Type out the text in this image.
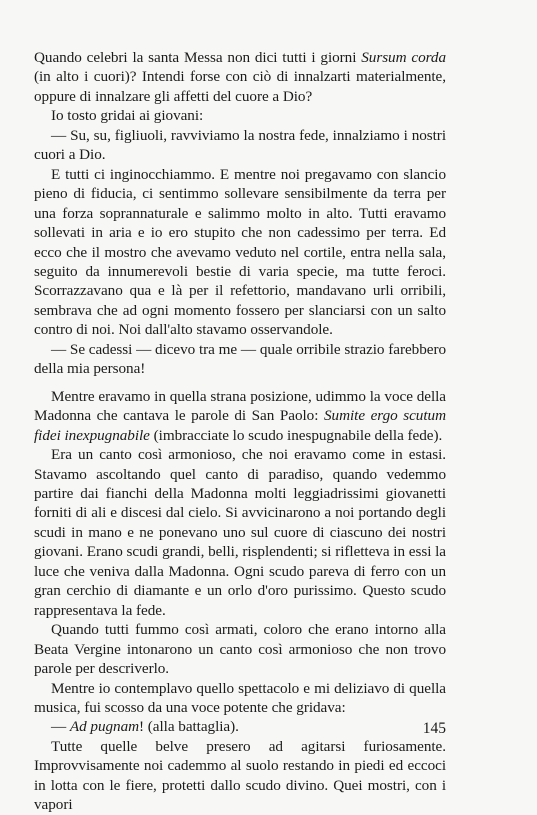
Quando celebri la santa Messa non dici tutti i giorni Sursum corda (in alto i cuori)? Intendi forse con ciò di innalzarti materialmente, oppure di innalzare gli affetti del cuore a Dio?

Io tosto gridai ai giovani:

— Su, su, figliuoli, ravviviamo la nostra fede, innalziamo i nostri cuori a Dio.

E tutti ci inginocchiammo. E mentre noi pregavamo con slancio pieno di fiducia, ci sentimmo sollevare sensibilmente da terra per una forza soprannaturale e salimmo molto in alto. Tutti eravamo sollevati in aria e io ero stupito che non cadessimo per terra. Ed ecco che il mostro che avevamo veduto nel cortile, entra nella sala, seguito da innumerevoli bestie di varia specie, ma tutte feroci. Scorrazzavano qua e là per il refettorio, mandavano urli orribili, sembrava che ad ogni momento fossero per slanciarsi con un salto contro di noi. Noi dall'alto stavamo osservandole.

— Se cadessi — dicevo tra me — quale orribile strazio farebbero della mia persona!

Mentre eravamo in quella strana posizione, udimmo la voce della Madonna che cantava le parole di San Paolo: Sumite ergo scutum fidei inexpugnabile (imbracciate lo scudo inespugnabile della fede).

Era un canto così armonioso, che noi eravamo come in estasi. Stavamo ascoltando quel canto di paradiso, quando vedemmo partire dai fianchi della Madonna molti leggiadrissimi giovanetti forniti di ali e discesi dal cielo. Si avvicinarono a noi portando degli scudi in mano e ne ponevano uno sul cuore di ciascuno dei nostri giovani. Erano scudi grandi, belli, risplendenti; si rifletteva in essi la luce che veniva dalla Madonna. Ogni scudo pareva di ferro con un gran cerchio di diamante e un orlo d'oro purissimo. Questo scudo rappresentava la fede.

Quando tutti fummo così armati, coloro che erano intorno alla Beata Vergine intonarono un canto così armonioso che non trovo parole per descriverlo.

Mentre io contemplavo quello spettacolo e mi deliziavo di quella musica, fui scosso da una voce potente che gridava:

— Ad pugnam! (alla battaglia).

Tutte quelle belve presero ad agitarsi furiosamente. Improvvisamente noi cademmo al suolo restando in piedi ed eccoci in lotta con le fiere, protetti dallo scudo divino. Quei mostri, con i vapori

145
